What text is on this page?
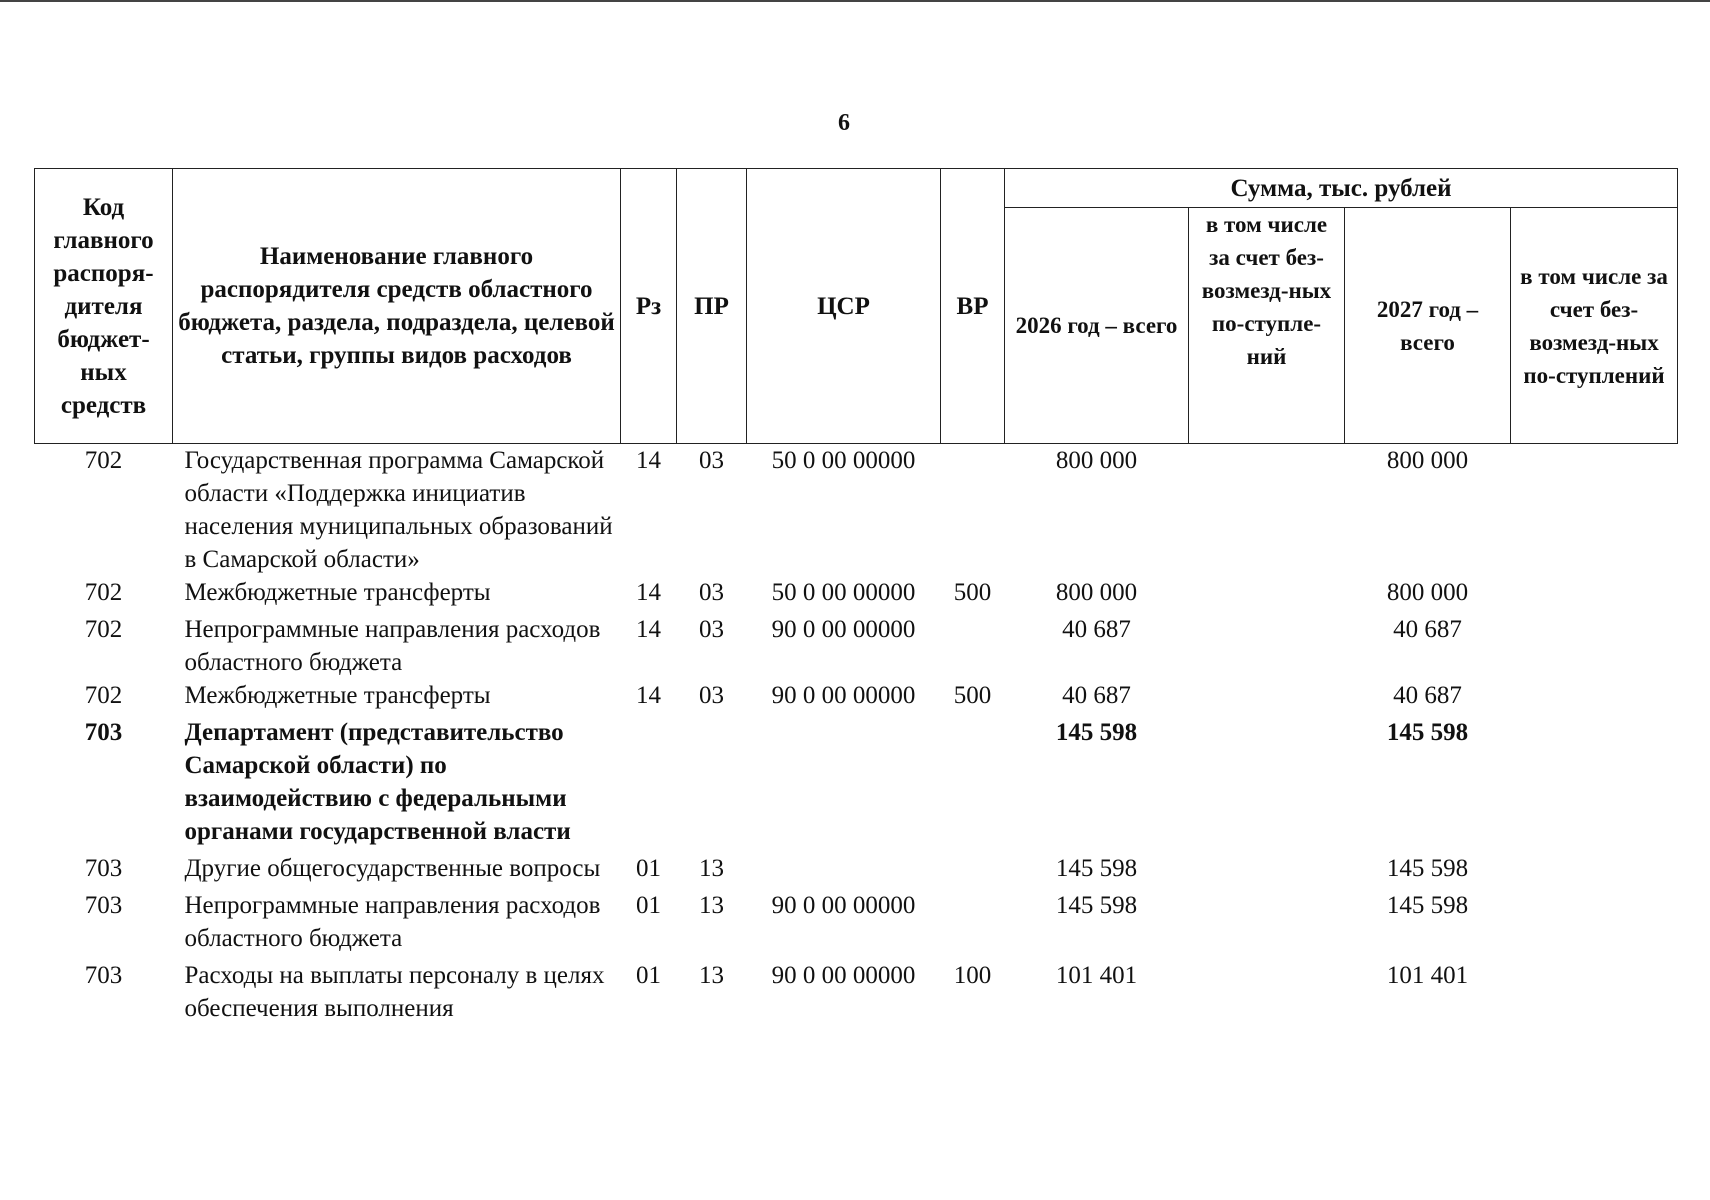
6
Код главного распоря-дителя бюджет-ных средств	Наименование главного распорядителя средств областного бюджета, раздела, подраздела, целевой статьи, группы видов расходов	Рз	ПР	ЦСР	ВР	Сумма, тыс. рублей			
						2026 год – всего	в том числе за счет без-возмезд-ных по-ступле-ний	2027 год – всего	в том числе за счет без-возмезд-ных по-ступлений
702	Государственная программа Самарской области «Поддержка инициатив населения муниципальных образований в Самарской области»	14	03	50 0 00 00000		800 000		800 000	
702	Межбюджетные трансферты	14	03	50 0 00 00000	500	800 000		800 000	
702	Непрограммные направления расходов областного бюджета	14	03	90 0 00 00000		40 687		40 687	
702	Межбюджетные трансферты	14	03	90 0 00 00000	500	40 687		40 687	
703	Департамент (представительство Самарской области) по взаимодействию с федеральными органами государственной власти					145 598		145 598	
703	Другие общегосударственные вопросы	01	13			145 598		145 598	
703	Непрограммные направления расходов областного бюджета	01	13	90 0 00 00000		145 598		145 598	
703	Расходы на выплаты персоналу в целях обеспечения выполнения	01	13	90 0 00 00000	100	101 401		101 401	
